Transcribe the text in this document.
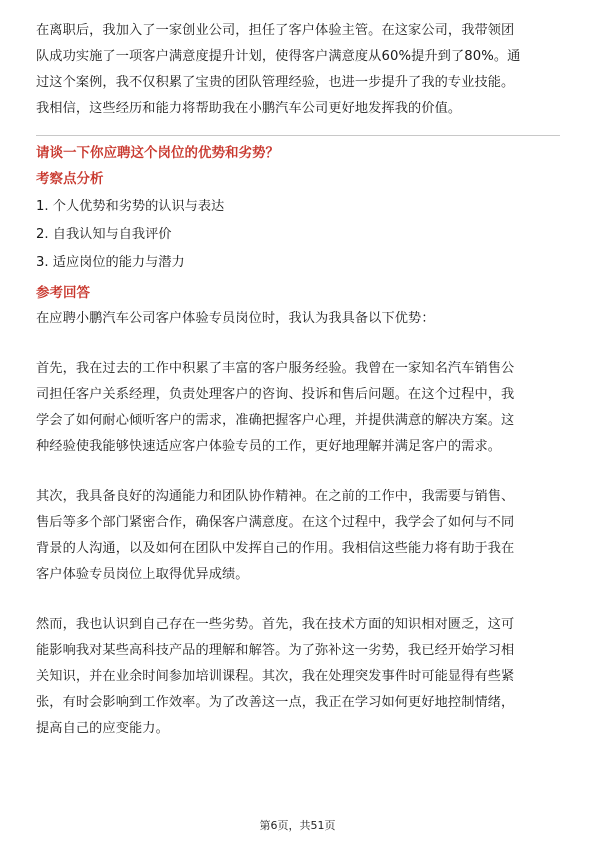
在离职后，我加入了一家创业公司，担任了客户体验主管。在这家公司，我带领团

队成功实施了一项客户满意度提升计划，使得客户满意度从60%提升到了80%。通

过这个案例，我不仅积累了宝贵的团队管理经验，也进一步提升了我的专业技能。

我相信，这些经历和能力将帮助我在小鹏汽车公司更好地发挥我的价值。

请谈一下你应聘这个岗位的优势和劣势？

考察点分析

1. 个人优势和劣势的认识与表达

2. 自我认知与自我评价

3. 适应岗位的能力与潜力

参考回答

在应聘小鹏汽车公司客户体验专员岗位时，我认为我具备以下优势：

首先，我在过去的工作中积累了丰富的客户服务经验。我曾在一家知名汽车销售公

司担任客户关系经理，负责处理客户的咨询、投诉和售后问题。在这个过程中，我

学会了如何耐心倾听客户的需求，准确把握客户心理，并提供满意的解决方案。这

种经验使我能够快速适应客户体验专员的工作，更好地理解并满足客户的需求。

其次，我具备良好的沟通能力和团队协作精神。在之前的工作中，我需要与销售、

售后等多个部门紧密合作，确保客户满意度。在这个过程中，我学会了如何与不同

背景的人沟通，以及如何在团队中发挥自己的作用。我相信这些能力将有助于我在

客户体验专员岗位上取得优异成绩。

然而，我也认识到自己存在一些劣势。首先，我在技术方面的知识相对匮乏，这可

能影响我对某些高科技产品的理解和解答。为了弥补这一劣势，我已经开始学习相

关知识，并在业余时间参加培训课程。其次，我在处理突发事件时可能显得有些紧

张，有时会影响到工作效率。为了改善这一点，我正在学习如何更好地控制情绪，

提高自己的应变能力。

第6页，共51页
